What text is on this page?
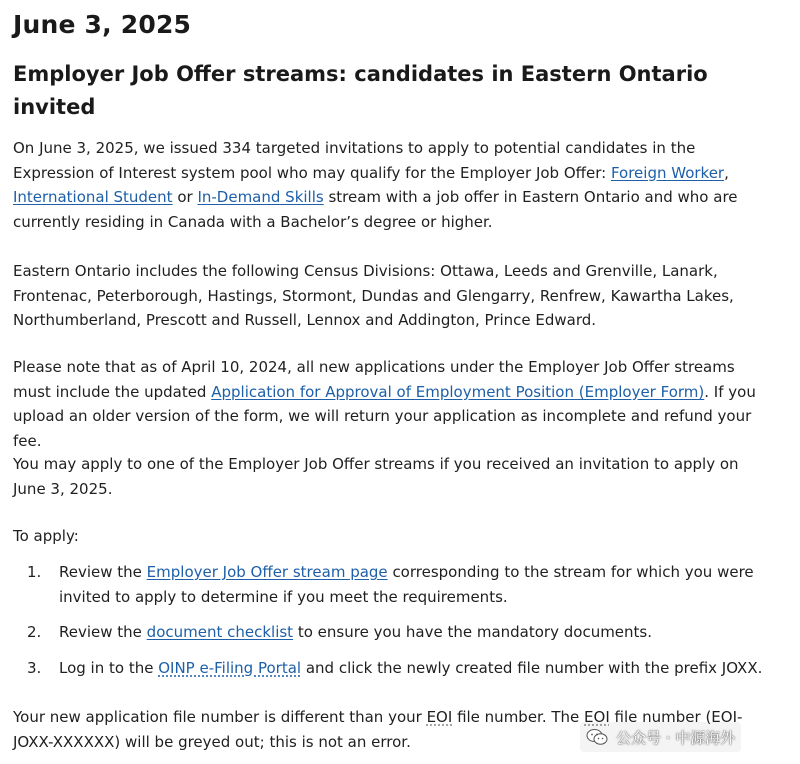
June 3, 2025
Employer Job Offer streams: candidates in Eastern Ontario invited

On June 3, 2025, we issued 334 targeted invitations to apply to potential candidates in the Expression of Interest system pool who may qualify for the Employer Job Offer: Foreign Worker, International Student or In-Demand Skills stream with a job offer in Eastern Ontario and who are currently residing in Canada with a Bachelor’s degree or higher.

Eastern Ontario includes the following Census Divisions: Ottawa, Leeds and Grenville, Lanark, Frontenac, Peterborough, Hastings, Stormont, Dundas and Glengarry, Renfrew, Kawartha Lakes, Northumberland, Prescott and Russell, Lennox and Addington, Prince Edward.

Please note that as of April 10, 2024, all new applications under the Employer Job Offer streams must include the updated Application for Approval of Employment Position (Employer Form). If you upload an older version of the form, we will return your application as incomplete and refund your fee.

You may apply to one of the Employer Job Offer streams if you received an invitation to apply on June 3, 2025.

To apply:

1. Review the Employer Job Offer stream page corresponding to the stream for which you were invited to apply to determine if you meet the requirements.
2. Review the document checklist to ensure you have the mandatory documents.
3. Log in to the OINP e-Filing Portal and click the newly created file number with the prefix JOXX.

Your new application file number is different than your EOI file number. The EOI file number (EOI-JOXX-XXXXXX) will be greyed out; this is not an error.	公众号 · 中源海外
